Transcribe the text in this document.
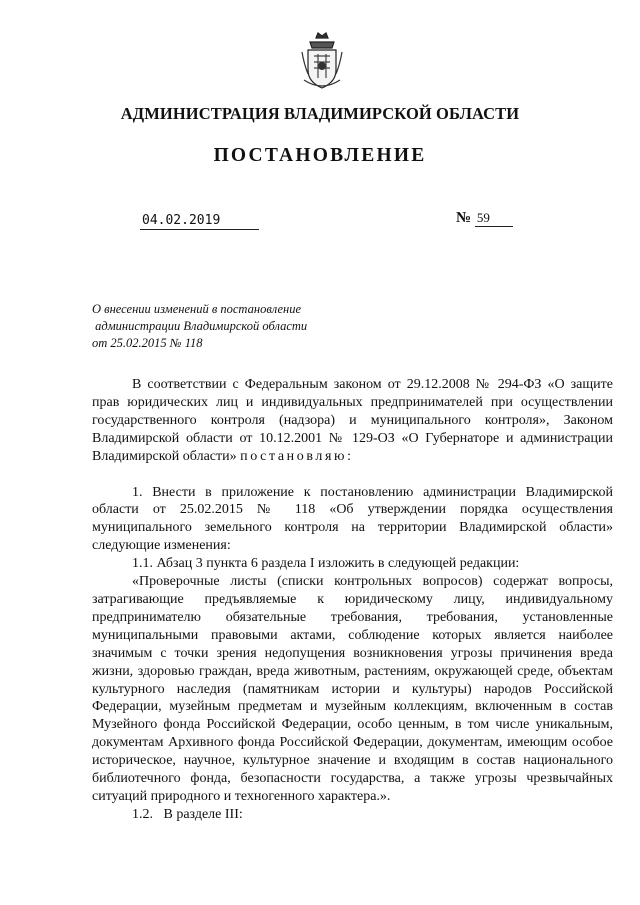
АДМИНИСТРАЦИЯ ВЛАДИМИРСКОЙ ОБЛАСТИ
ПОСТАНОВЛЕНИЕ
04.02.2019	№ 59
О внесении изменений в постановление
администрации Владимирской области
от 25.02.2015 № 118

В соответствии с Федеральным законом от 29.12.2008 № 294-ФЗ «О защите прав юридических лиц и индивидуальных предпринимателей при осуществлении государственного контроля (надзора) и муниципального контроля», Законом Владимирской области от 10.12.2001 № 129-ОЗ «О Губернаторе и администрации Владимирской области» постановляю:

1. Внести в приложение к постановлению администрации Владимирской области от 25.02.2015 № 118 «Об утверждении порядка осуществления муниципального земельного контроля на территории Владимирской области» следующие изменения:

1.1. Абзац 3 пункта 6 раздела I изложить в следующей редакции:

«Проверочные листы (списки контрольных вопросов) содержат вопросы, затрагивающие предъявляемые к юридическому лицу, индивидуальному предпринимателю обязательные требования, требования, установленные муниципальными правовыми актами, соблюдение которых является наиболее значимым с точки зрения недопущения возникновения угрозы причинения вреда жизни, здоровью граждан, вреда животным, растениям, окружающей среде, объектам культурного наследия (памятникам истории и культуры) народов Российской Федерации, музейным предметам и музейным коллекциям, включенным в состав Музейного фонда Российской Федерации, особо ценным, в том числе уникальным, документам Архивного фонда Российской Федерации, документам, имеющим особое историческое, научное, культурное значение и входящим в состав национального библиотечного фонда, безопасности государства, а также угрозы чрезвычайных ситуаций природного и техногенного характера.».

1.2.   В разделе III:
